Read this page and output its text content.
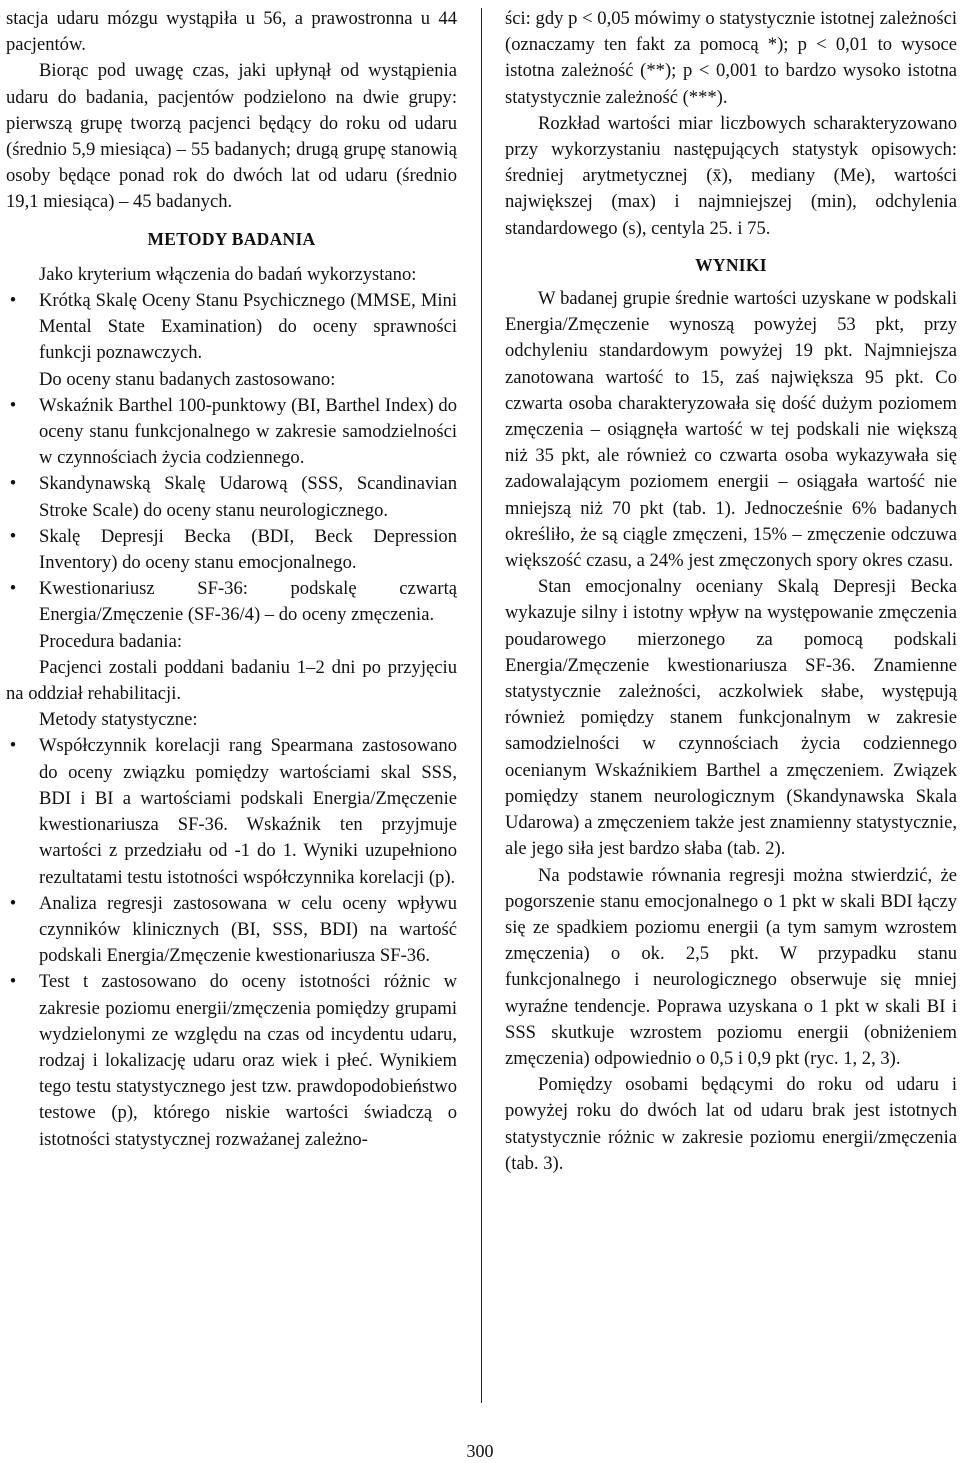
stacja udaru mózgu wystąpiła u 56, a prawostronna u 44 pacjentów.

Biorąc pod uwagę czas, jaki upłynął od wystąpienia udaru do badania, pacjentów podzielono na dwie grupy: pierwszą grupę tworzą pacjenci będący do roku od udaru (średnio 5,9 miesiąca) – 55 badanych; drugą grupę stanowią osoby będące ponad rok do dwóch lat od udaru (średnio 19,1 miesiąca) – 45 badanych.

METODY BADANIA

Jako kryterium włączenia do badań wykorzystano:

• Krótką Skalę Oceny Stanu Psychicznego (MMSE, Mini Mental State Examination) do oceny sprawności funkcji poznawczych.

Do oceny stanu badanych zastosowano:

• Wskaźnik Barthel 100-punktowy (BI, Barthel Index) do oceny stanu funkcjonalnego w zakresie samodzielności w czynnościach życia codziennego.
• Skandynawską Skalę Udarową (SSS, Scandinavian Stroke Scale) do oceny stanu neurologicznego.
• Skalę Depresji Becka (BDI, Beck Depression Inventory) do oceny stanu emocjonalnego.
• Kwestionariusz SF-36: podskalę czwartą Energia/Zmęczenie (SF-36/4) – do oceny zmęczenia.

Procedura badania:

Pacjenci zostali poddani badaniu 1–2 dni po przyjęciu na oddział rehabilitacji.

Metody statystyczne:

• Współczynnik korelacji rang Spearmana zastosowano do oceny związku pomiędzy wartościami skal SSS, BDI i BI a wartościami podskali Energia/Zmęczenie kwestionariusza SF-36. Wskaźnik ten przyjmuje wartości z przedziału od -1 do 1. Wyniki uzupełniono rezultatami testu istotności współczynnika korelacji (p).
• Analiza regresji zastosowana w celu oceny wpływu czynników klinicznych (BI, SSS, BDI) na wartość podskali Energia/Zmęczenie kwestionariusza SF-36.
• Test t zastosowano do oceny istotności różnic w zakresie poziomu energii/zmęczenia pomiędzy grupami wydzielonymi ze względu na czas od incydentu udaru, rodzaj i lokalizację udaru oraz wiek i płeć. Wynikiem tego testu statystycznego jest tzw. prawdopodobieństwo testowe (p), którego niskie wartości świadczą o istotności statystycznej rozważanej zależno-

ści: gdy p < 0,05 mówimy o statystycznie istotnej zależności (oznaczamy ten fakt za pomocą *); p < 0,01 to wysoce istotna zależność (**); p < 0,001 to bardzo wysoko istotna statystycznie zależność (***).

Rozkład wartości miar liczbowych scharakteryzowano przy wykorzystaniu następujących statystyk opisowych: średniej arytmetycznej (x̄), mediany (Me), wartości największej (max) i najmniejszej (min), odchylenia standardowego (s), centyla 25. i 75.

WYNIKI

W badanej grupie średnie wartości uzyskane w podskali Energia/Zmęczenie wynoszą powyżej 53 pkt, przy odchyleniu standardowym powyżej 19 pkt. Najmniejsza zanotowana wartość to 15, zaś największa 95 pkt. Co czwarta osoba charakteryzowała się dość dużym poziomem zmęczenia – osiągnęła wartość w tej podskali nie większą niż 35 pkt, ale również co czwarta osoba wykazywała się zadowalającym poziomem energii – osiągała wartość nie mniejszą niż 70 pkt (tab. 1). Jednocześnie 6% badanych określiło, że są ciągle zmęczeni, 15% – zmęczenie odczuwa większość czasu, a 24% jest zmęczonych spory okres czasu.

Stan emocjonalny oceniany Skalą Depresji Becka wykazuje silny i istotny wpływ na występowanie zmęczenia poudarowego mierzonego za pomocą podskali Energia/Zmęczenie kwestionariusza SF-36. Znamienne statystycznie zależności, aczkolwiek słabe, występują również pomiędzy stanem funkcjonalnym w zakresie samodzielności w czynnościach życia codziennego ocenianym Wskaźnikiem Barthel a zmęczeniem. Związek pomiędzy stanem neurologicznym (Skandynawska Skala Udarowa) a zmęczeniem także jest znamienny statystycznie, ale jego siła jest bardzo słaba (tab. 2).

Na podstawie równania regresji można stwierdzić, że pogorszenie stanu emocjonalnego o 1 pkt w skali BDI łączy się ze spadkiem poziomu energii (a tym samym wzrostem zmęczenia) o ok. 2,5 pkt. W przypadku stanu funkcjonalnego i neurologicznego obserwuje się mniej wyraźne tendencje. Poprawa uzyskana o 1 pkt w skali BI i SSS skutkuje wzrostem poziomu energii (obniżeniem zmęczenia) odpowiednio o 0,5 i 0,9 pkt (ryc. 1, 2, 3).

Pomiędzy osobami będącymi do roku od udaru i powyżej roku do dwóch lat od udaru brak jest istotnych statystycznie różnic w zakresie poziomu energii/zmęczenia (tab. 3).

300
